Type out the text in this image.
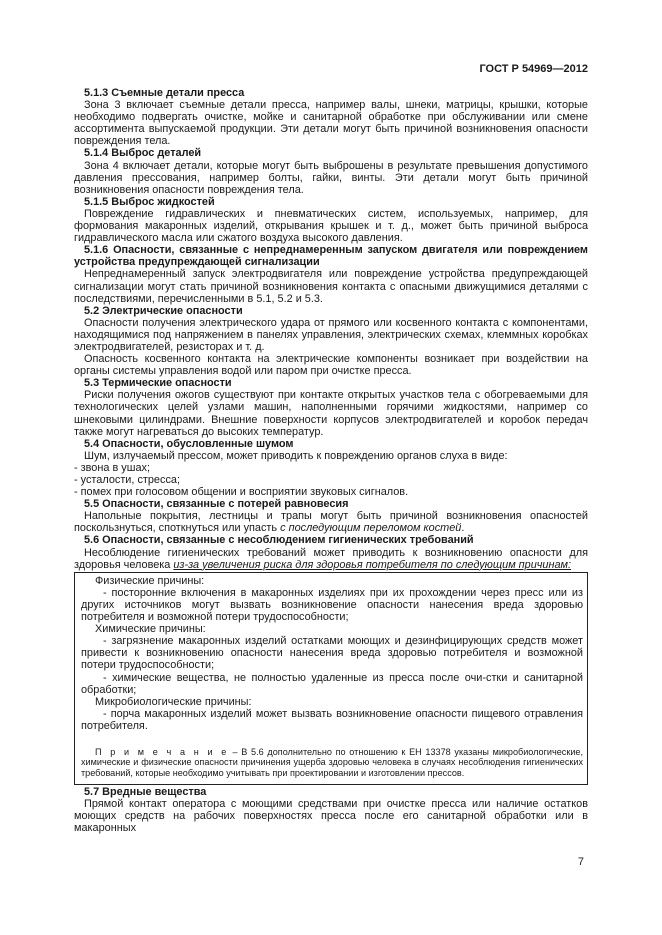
ГОСТ Р 54969—2012

5.1.3 Съемные детали пресса

Зона 3 включает съемные детали пресса, например валы, шнеки, матрицы, крышки, которые необходимо подвергать очистке, мойке и санитарной обработке при обслуживании или смене ассортимента выпускаемой продукции. Эти детали могут быть причиной возникновения опасности повреждения тела.

5.1.4 Выброс деталей

Зона 4 включает детали, которые могут быть выброшены в результате превышения допустимого давления прессования, например болты, гайки, винты. Эти детали могут быть причиной возникновения опасности повреждения тела.

5.1.5 Выброс жидкостей

Повреждение гидравлических и пневматических систем, используемых, например, для формования макаронных изделий, открывания крышек и т. д., может быть причиной выброса гидравлического масла или сжатого воздуха высокого давления.

5.1.6 Опасности, связанные с непреднамеренным запуском двигателя или повреждением устройства предупреждающей сигнализации

Непреднамеренный запуск электродвигателя или повреждение устройства предупреждающей сигнализации могут стать причиной возникновения контакта с опасными движущимися деталями с последствиями, перечисленными в 5.1, 5.2 и 5.3.

5.2 Электрические опасности

Опасности получения электрического удара от прямого или косвенного контакта с компонентами, находящимися под напряжением в панелях управления, электрических схемах, клеммных коробках электродвигателей, резисторах и т. д.

Опасность косвенного контакта на электрические компоненты возникает при воздействии на органы системы управления водой или паром при очистке пресса.

5.3 Термические опасности

Риски получения ожогов существуют при контакте открытых участков тела с обогреваемыми для технологических целей узлами машин, наполненными горячими жидкостями, например со шнековыми цилиндрами. Внешние поверхности корпусов электродвигателей и коробок передач также могут нагреваться до высоких температур.

5.4 Опасности, обусловленные шумом

Шум, излучаемый прессом, может приводить к повреждению органов слуха в виде:

- звона в ушах;

- усталости, стресса;

- помех при голосовом общении и восприятии звуковых сигналов.

5.5 Опасности, связанные с потерей равновесия

Напольные покрытия, лестницы и трапы могут быть причиной возникновения опасностей поскользнуться, споткнуться или упасть с последующим переломом костей.

5.6 Опасности, связанные с несоблюдением гигиенических требований

Несоблюдение гигиенических требований может приводить к возникновению опасности для здоровья человека из-за увеличения риска для здоровья потребителя по следующим причинам:

Физические причины:

- посторонние включения в макаронных изделиях при их прохождении через пресс или из других источников могут вызвать возникновение опасности нанесения вреда здоровью потребителя и возможной потери трудоспособности;

Химические причины:

- загрязнение макаронных изделий остатками моющих и дезинфицирующих средств может привести к возникновению опасности нанесения вреда здоровью потребителя и возможной потери трудоспособности;

- химические вещества, не полностью удаленные из пресса после очи-стки и санитарной обработки;

Микробиологические причины:

- порча макаронных изделий может вызвать возникновение опасности пищевого отравления потребителя.

П р и м е ч а н и е – В 5.6 дополнительно по отношению к ЕН 13378 указаны микробиологические, химические и физические опасности причинения ущерба здоровью человека в случаях несоблюдения гигиенических требований, которые необходимо учитывать при проектировании и изготовлении прессов.

5.7 Вредные вещества

Прямой контакт оператора с моющими средствами при очистке пресса или наличие остатков моющих средств на рабочих поверхностях пресса после его санитарной обработки или в макаронных

7
